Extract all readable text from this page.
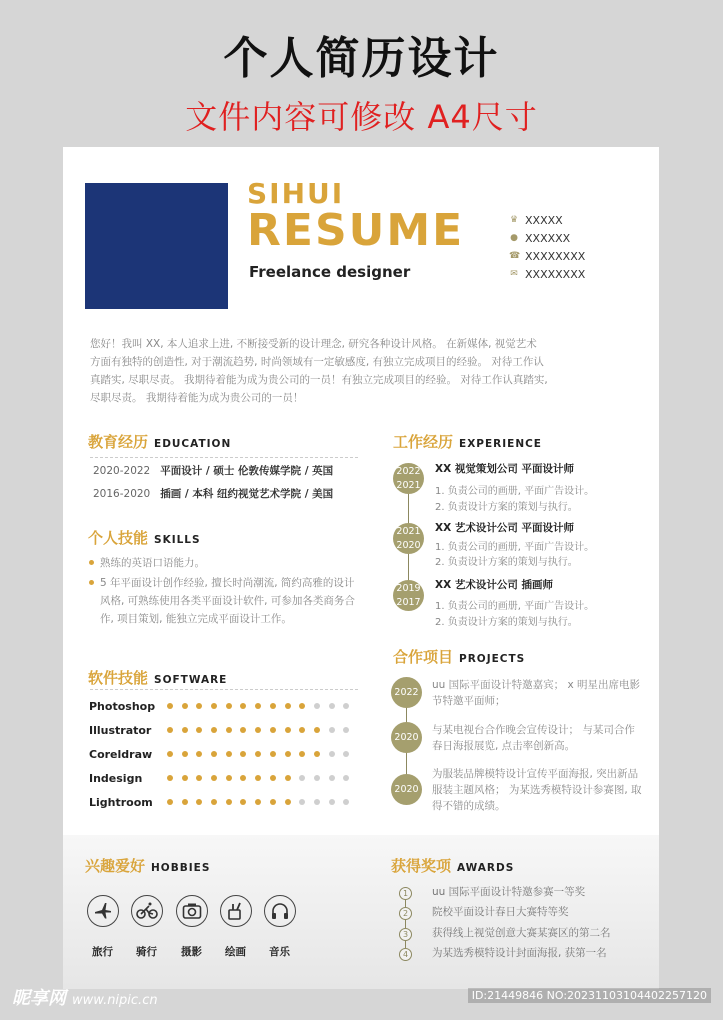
个人简历设计
文件内容可修改 A4尺寸
SIHUI
RESUME
Freelance designer
♛ XXXXX
● XXXXXX
☎ XXXXXXXX
✉ XXXXXXXX
您好！我叫 XX, 本人追求上进, 不断接受新的设计理念, 研究各种设计风格。 在新媒体, 视觉艺术
方面有独特的创造性, 对于潮流趋势, 时尚领域有一定敏感度, 有独立完成项目的经验。 对待工作认
真踏实, 尽职尽责。 我期待着能为成为贵公司的一员！有独立完成项目的经验。 对待工作认真踏实,
尽职尽责。 我期待着能为成为贵公司的一员！
教育经历 EDUCATION
2020-2022 平面设计 / 硕士 伦敦传媒学院 / 英国
2016-2020 插画 / 本科 纽约视觉艺术学院 / 美国
个人技能 SKILLS
熟练的英语口语能力。
5 年平面设计创作经验, 擅长时尚潮流, 简约高雅的设计风格, 可熟练使用各类平面设计软件, 可参加各类商务合作, 项目策划, 能独立完成平面设计工作。
软件技能 SOFTWARE
Photoshop
Illustrator
Coreldraw
Indesign
Lightroom
工作经历 EXPERIENCE
2022
2021
XX 视觉策划公司 平面设计师
1. 负责公司的画册, 平面广告设计。
2. 负责设计方案的策划与执行。
2021
2020
XX 艺术设计公司 平面设计师
1. 负责公司的画册, 平面广告设计。
2. 负责设计方案的策划与执行。
2019
2017
XX 艺术设计公司 插画师
1. 负责公司的画册, 平面广告设计。
2. 负责设计方案的策划与执行。
合作项目 PROJECTS
2022
uu 国际平面设计特邀嘉宾； x 明星出席电影节特邀平面师；
2020
与某电视台合作晚会宣传设计； 与某司合作春日海报展览, 点击率创新高。
2020
为服装品牌模特设计宣传平面海报, 突出新品服装主题风格； 为某选秀模特设计参赛图, 取得不错的成绩。
兴趣爱好 HOBBIES
旅行 骑行 摄影 绘画 音乐
获得奖项 AWARDS
1	uu 国际平面设计特邀参赛一等奖
2	院校平面设计春日大赛特等奖
3	获得线上视觉创意大赛某赛区的第二名
4	为某选秀模特设计封面海报, 获第一名
昵享网 www.nipic.cn	ID:21449846 NO:20231103104402257120
